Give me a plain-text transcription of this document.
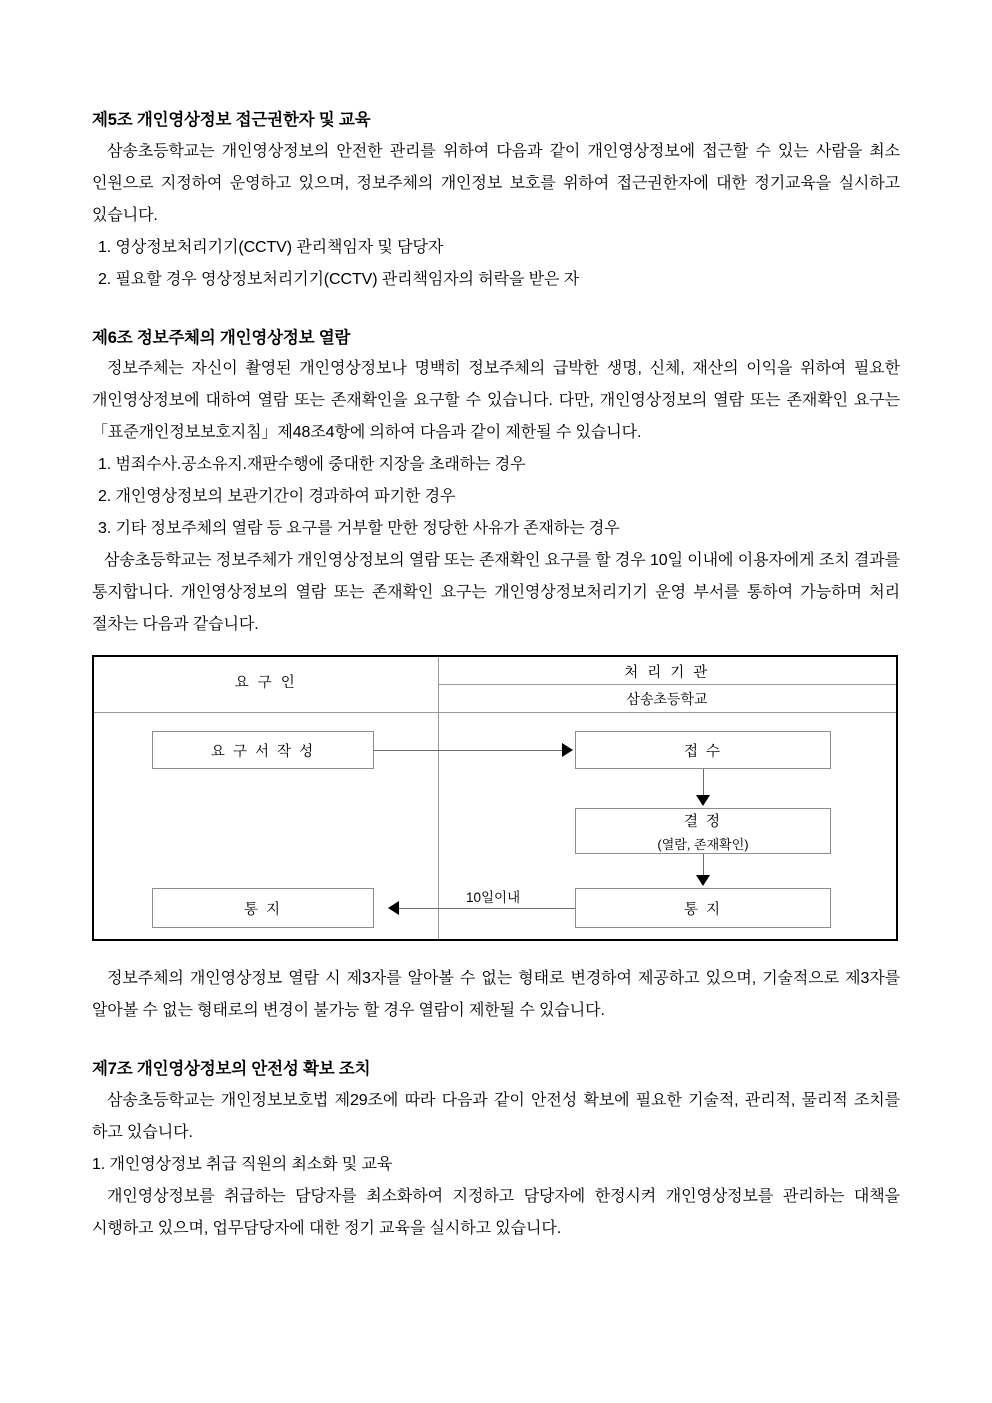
제5조 개인영상정보 접근권한자 및 교육

삼송초등학교는 개인영상정보의 안전한 관리를 위하여 다음과 같이 개인영상정보에 접근할 수 있는 사람을 최소 인원으로 지정하여 운영하고 있으며, 정보주체의 개인정보 보호를 위하여 접근권한자에 대한 정기교육을 실시하고 있습니다.

1. 영상정보처리기기(CCTV) 관리책임자 및 담당자

2. 필요할 경우 영상정보처리기기(CCTV) 관리책임자의 허락을 받은 자

제6조 정보주체의 개인영상정보 열람

정보주체는 자신이 촬영된 개인영상정보나 명백히 정보주체의 급박한 생명, 신체, 재산의 이익을 위하여 필요한 개인영상정보에 대하여 열람 또는 존재확인을 요구할 수 있습니다. 다만, 개인영상정보의 열람 또는 존재확인 요구는「표준개인정보보호지침」제48조4항에 의하여 다음과 같이 제한될 수 있습니다.

1. 범죄수사.공소유지.재판수행에 중대한 지장을 초래하는 경우

2. 개인영상정보의 보관기간이 경과하여 파기한 경우

3. 기타 정보주체의 열람 등 요구를 거부할 만한 정당한 사유가 존재하는 경우

삼송초등학교는 정보주체가 개인영상정보의 열람 또는 존재확인 요구를 할 경우 10일 이내에 이용자에게 조치 결과를 통지합니다. 개인영상정보의 열람 또는 존재확인 요구는 개인영상정보처리기기 운영 부서를 통하여 가능하며 처리 절차는 다음과 같습니다.

요 구 인
처 리 기 관
삼송초등학교
요 구 서 작 성	접 수
결 정
(열람, 존재확인)
통 지
통 지
10일이내

정보주체의 개인영상정보 열람 시 제3자를 알아볼 수 없는 형태로 변경하여 제공하고 있으며, 기술적으로 제3자를 알아볼 수 없는 형태로의 변경이 불가능 할 경우 열람이 제한될 수 있습니다.

제7조 개인영상정보의 안전성 확보 조치

삼송초등학교는 개인정보보호법 제29조에 따라 다음과 같이 안전성 확보에 필요한 기술적, 관리적, 물리적 조치를 하고 있습니다.

1. 개인영상정보 취급 직원의 최소화 및 교육

개인영상정보를 취급하는 담당자를 최소화하여 지정하고 담당자에 한정시켜 개인영상정보를 관리하는 대책을 시행하고 있으며, 업무담당자에 대한 정기 교육을 실시하고 있습니다.
